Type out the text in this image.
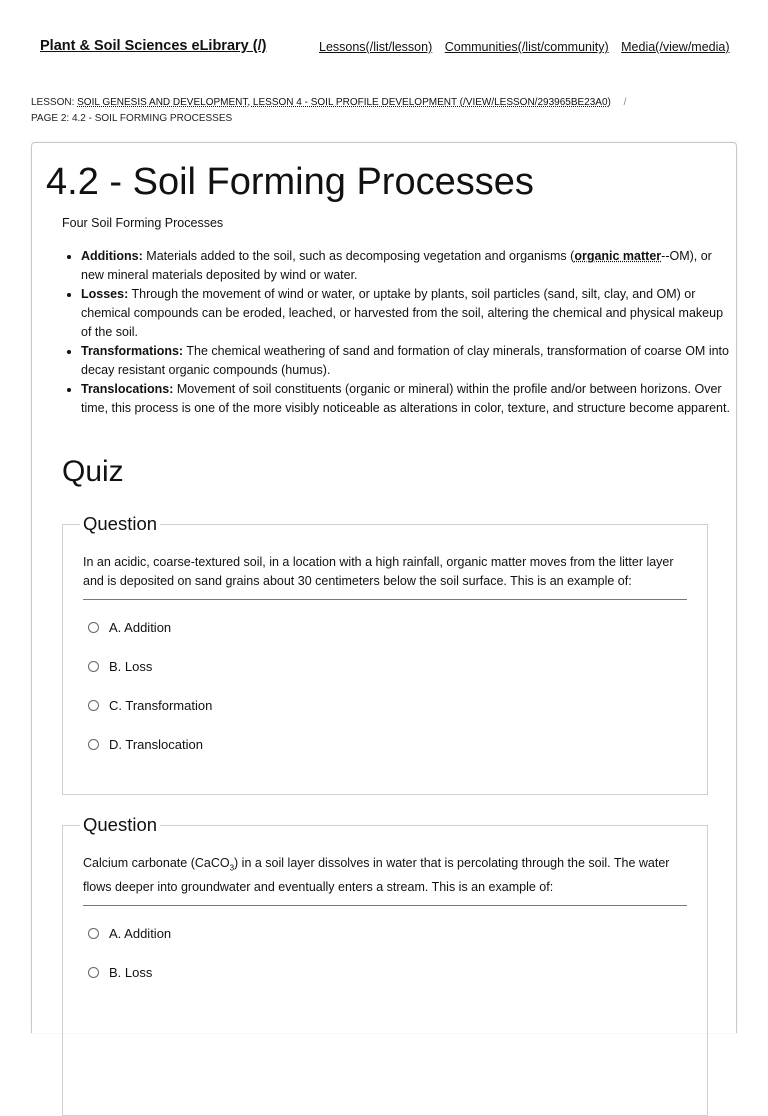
Plant & Soil Sciences eLibrary (/)	Lessons(/list/lesson) Communities(/list/community) Media(/view/media)
LESSON: SOIL GENESIS AND DEVELOPMENT, LESSON 4 - SOIL PROFILE DEVELOPMENT (/VIEW/LESSON/293965BE23A0) /
PAGE 2: 4.2 - SOIL FORMING PROCESSES
4.2 - Soil Forming Processes
Four Soil Forming Processes
• Additions: Materials added to the soil, such as decomposing vegetation and organisms (organic matter--OM), or new mineral materials deposited by wind or water.
• Losses: Through the movement of wind or water, or uptake by plants, soil particles (sand, silt, clay, and OM) or chemical compounds can be eroded, leached, or harvested from the soil, altering the chemical and physical makeup of the soil.
• Transformations: The chemical weathering of sand and formation of clay minerals, transformation of coarse OM into decay resistant organic compounds (humus).
• Translocations: Movement of soil constituents (organic or mineral) within the profile and/or between horizons. Over time, this process is one of the more visibly noticeable as alterations in color, texture, and structure become apparent.
Quiz
Question
In an acidic, coarse-textured soil, in a location with a high rainfall, organic matter moves from the litter layer and is deposited on sand grains about 30 centimeters below the soil surface. This is an example of:
A. Addition
B. Loss
C. Transformation
D. Translocation
Question
Calcium carbonate (CaCO$_3$) in a soil layer dissolves in water that is percolating through the soil. The water flows deeper into groundwater and eventually enters a stream. This is an example of:
A. Addition
B. Loss
